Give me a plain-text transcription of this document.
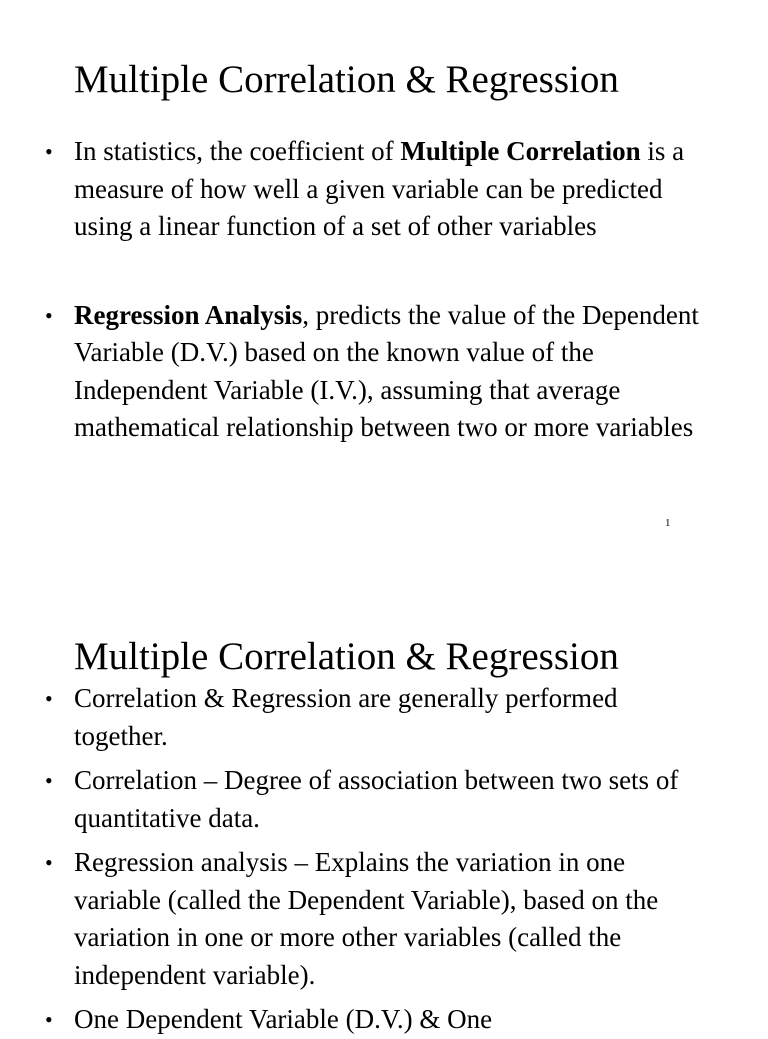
Multiple Correlation & Regression
• In statistics, the coefficient of Multiple Correlation is a measure of how well a given variable can be predicted using a linear function of a set of other variables
• Regression Analysis, predicts the value of the Dependent Variable (D.V.) based on the known value of the Independent Variable (I.V.), assuming that average mathematical relationship between two or more variables
1
Multiple Correlation & Regression
• Correlation & Regression are generally performed together.
• Correlation – Degree of association between two sets of quantitative data.
• Regression analysis – Explains the variation in one variable (called the Dependent Variable), based on the variation in one or more other variables (called the independent variable).
• One Dependent Variable (D.V.) & One
